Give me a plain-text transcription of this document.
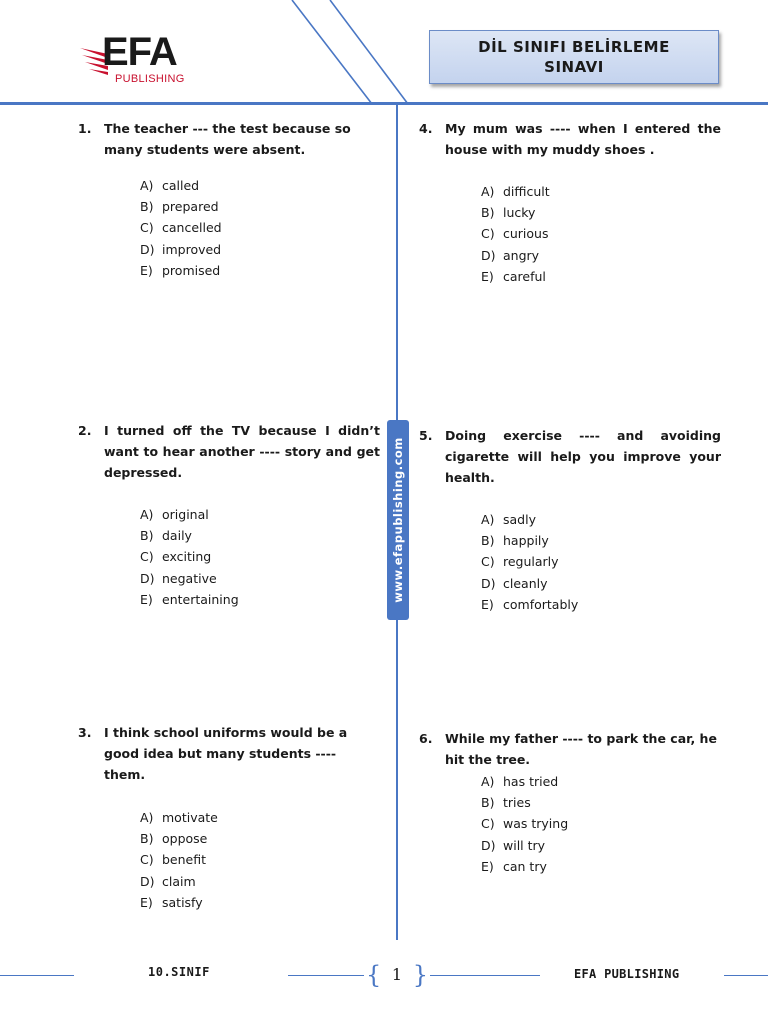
EFA
PUBLISHING
DİL SINIFI BELİRLEME
SINAVI
www.efapublishing.com
1. The teacher --- the test because so many students were absent.

A) called
B) prepared
C) cancelled
D) improved
E) promised
2. I turned off the TV because I didn’t want to hear another ---- story and get depressed.

A) original
B) daily
C) exciting
D) negative
E) entertaining
3. I think school uniforms would be a good idea but many students ---- them.

A) motivate
B) oppose
C) benefit
D) claim
E) satisfy
4. My mum was ---- when I entered the house with my muddy shoes .

A) difficult
B) lucky
C) curious
D) angry
E) careful
5. Doing exercise ---- and avoiding cigarette will help you improve your health.

A) sadly
B) happily
C) regularly
D) cleanly
E) comfortably
6. While my father ---- to park the car, he hit the tree.

A) has tried
B) tries
C) was trying
D) will try
E) can try
10.SINIF	{ 1 }	EFA PUBLISHING
